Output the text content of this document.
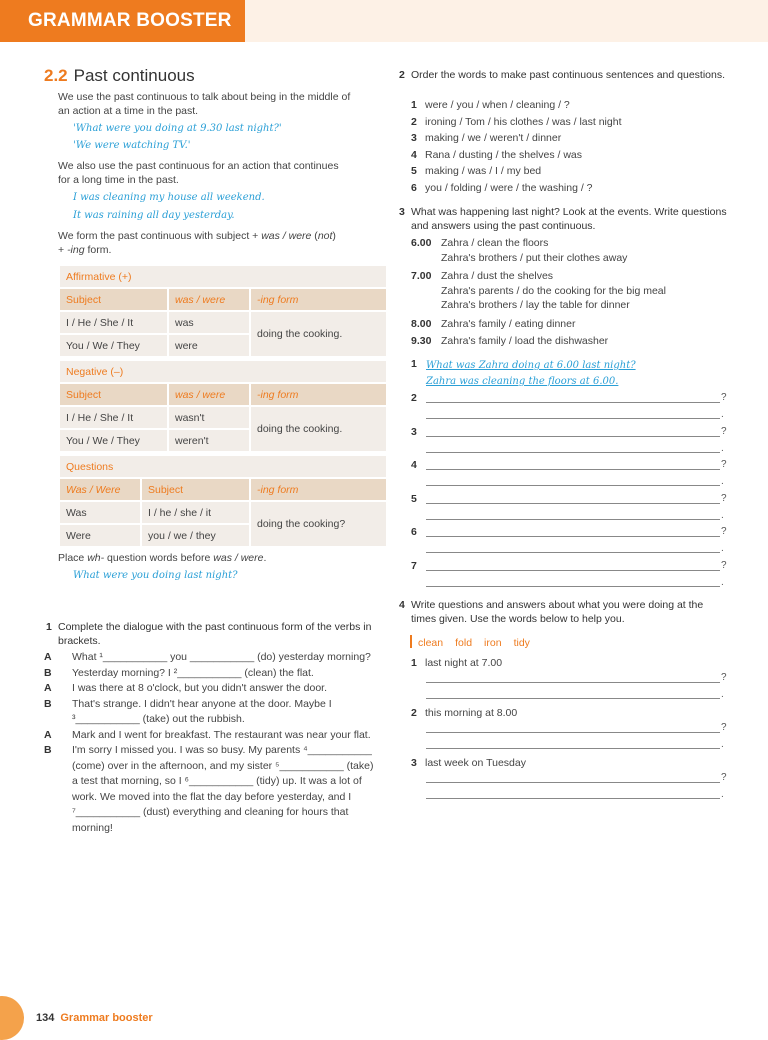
GRAMMAR BOOSTER
2.2 Past continuous
We use the past continuous to talk about being in the middle of an action at a time in the past.
'What were you doing at 9.30 last night?'
'We were watching TV.'
We also use the past continuous for an action that continues for a long time in the past.
I was cleaning my house all weekend.
It was raining all day yesterday.
We form the past continuous with subject + was / were (not)
+ -ing form.
Affirmative (+)		
Subject	was / were	-ing form
I / He / She / It	was	doing the cooking.
You / We / They	were	
Negative (–)		
Subject	was / were	-ing form
I / He / She / It	wasn't	doing the cooking.
You / We / They	weren't	
Questions		
Was / Were	Subject	-ing form
Was	I / he / she / it	doing the cooking?
Were	you / we / they	
Place wh- question words before was / were.
What were you doing last night?
1 Complete the dialogue with the past continuous form of the verbs in brackets.
A What ¹___________ you ___________ (do) yesterday morning?
B Yesterday morning? I ²___________ (clean) the flat.
A I was there at 8 o'clock, but you didn't answer the door.
B That's strange. I didn't hear anyone at the door. Maybe I ³___________ (take) out the rubbish.
A Mark and I went for breakfast. The restaurant was near your flat.
B I'm sorry I missed you. I was so busy. My parents ⁴___________ (come) over in the afternoon, and my sister ⁵___________ (take) a test that morning, so I ⁶___________ (tidy) up. It was a lot of work. We moved into the flat the day before yesterday, and I ⁷___________ (dust) everything and cleaning for hours that morning!
2 Order the words to make past continuous sentences and questions.
1 were / you / when / cleaning / ?
2 ironing / Tom / his clothes / was / last night
3 making / we / weren't / dinner
4 Rana / dusting / the shelves / was
5 making / was / I / my bed
6 you / folding / were / the washing / ?
3 What was happening last night? Look at the events. Write questions and answers using the past continuous.
6.00 Zahra / clean the floors
Zahra's brothers / put their clothes away
7.00 Zahra / dust the shelves
Zahra's parents / do the cooking for the big meal
Zahra's brothers / lay the table for dinner
8.00 Zahra's family / eating dinner
9.30 Zahra's family / load the dishwasher
1 What was Zahra doing at 6.00 last night?
Zahra was cleaning the floors at 6.00.
2	?
.
3	?
.
4	?
.
5	?
.
6	?
.
7	?
.
4 Write questions and answers about what you were doing at the times given. Use the words below to help you.
clean fold iron tidy
1 last night at 7.00
2 this morning at 8.00
3 last week on Tuesday
?
.
?
.
?
.
134 Grammar booster
